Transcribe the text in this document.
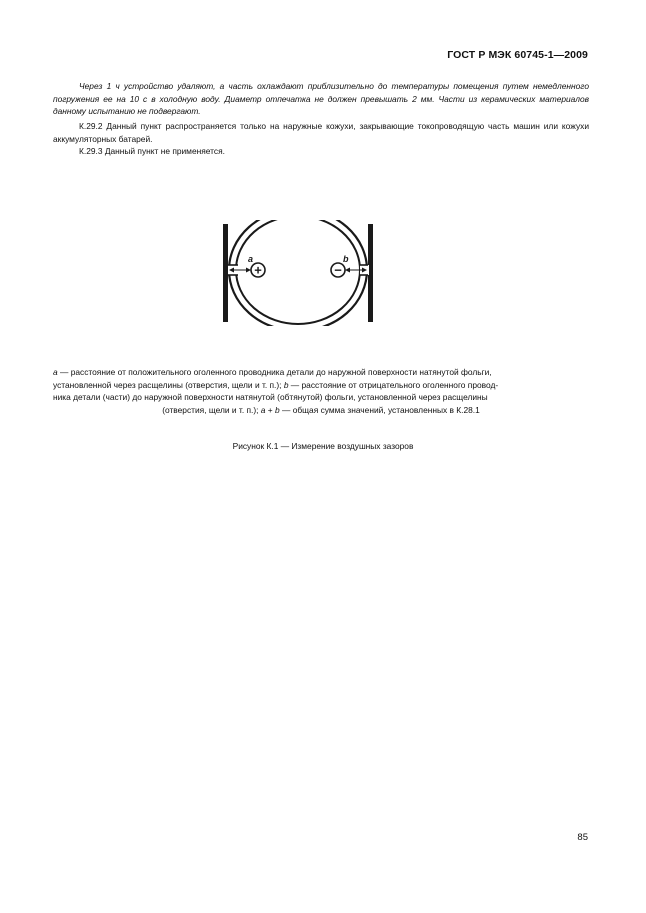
ГОСТ Р МЭК 60745-1—2009

Через 1 ч устройство удаляют, а часть охлаждают приблизительно до температуры помещения путем немедленного погружения ее на 10 с в холодную воду. Диаметр отпечатка не должен превышать 2 мм. Части из керамических материалов данному испытанию не подвергают.

К.29.2 Данный пункт распространяется только на наружные кожухи, закрывающие токопроводящую часть машин или кожухи аккумуляторных батарей.

К.29.3 Данный пункт не применяется.

+	−
a	b
a — расстояние от положительного оголенного проводника детали до наружной поверхности натянутой фольги,
установленной через расщелины (отверстия, щели и т. п.); b — расстояние от отрицательного оголенного провод-
ника детали (части) до наружной поверхности натянутой (обтянутой) фольги, установленной через расщелины
(отверстия, щели и т. п.); a + b — общая сумма значений, установленных в К.28.1
Рисунок К.1 — Измерение воздушных зазоров
85
